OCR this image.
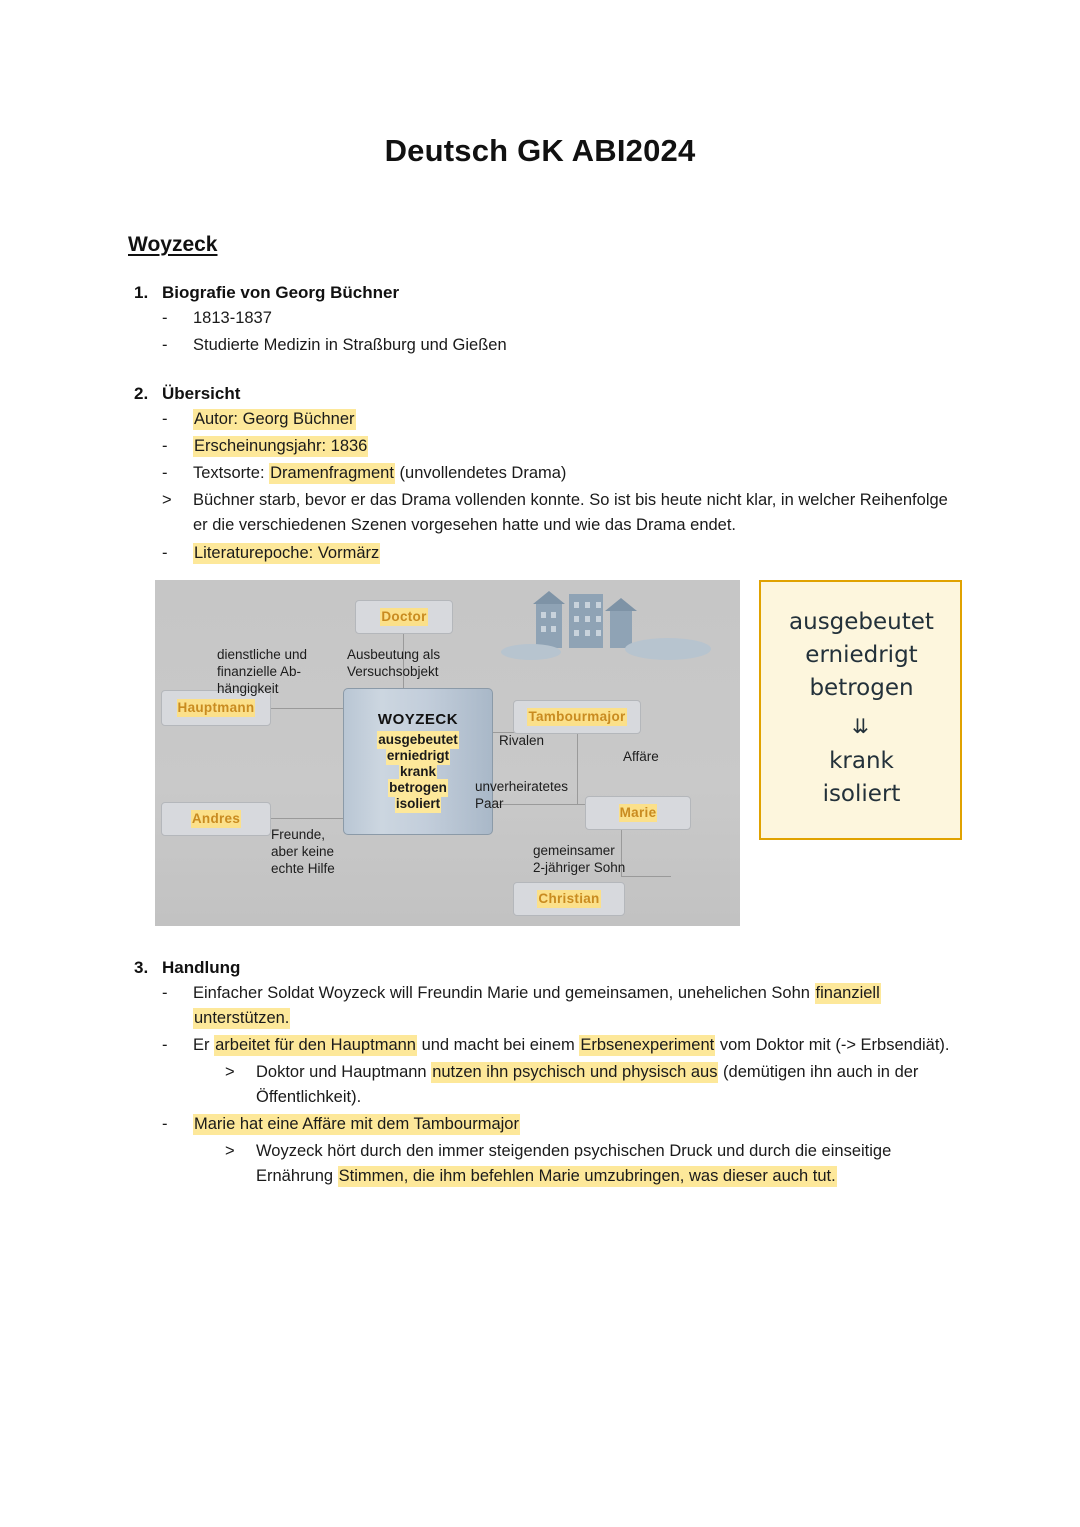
Deutsch GK ABI2024
Woyzeck
1. Biografie von Georg Büchner
- 1813-1837
- Studierte Medizin in Straßburg und Gießen
2. Übersicht
- Autor: Georg Büchner
- Erscheinungsjahr: 1836
- Textsorte: Dramenfragment (unvollendetes Drama)
> Büchner starb, bevor er das Drama vollenden konnte. So ist bis heute nicht klar, in welcher Reihenfolge er die verschiedenen Szenen vorgesehen hatte und wie das Drama endet.
- Literaturepoche: Vormärz
Doctor
Hauptmann
Tambourmajor
Andres	Marie
Christian
WOYZECK
ausgebeutet
erniedrigt
krank
betrogen
isoliert
dienstliche und finanzielle Ab-
hängigkeit
Ausbeutung als
Versuchsobjekt
Rivalen
Affäre
unverheiratetes
Paar
Freunde,
aber keine
echte Hilfe
gemeinsamer
2-jähriger Sohn
ausgebeutet
erniedrigt
betrogen
⇊
krank
isoliert
3. Handlung
- Einfacher Soldat Woyzeck will Freundin Marie und gemeinsamen, unehelichen Sohn finanziell unterstützen.
- Er arbeitet für den Hauptmann und macht bei einem Erbsenexperiment vom Doktor mit (-> Erbsendiät).
> Doktor und Hauptmann nutzen ihn psychisch und physisch aus (demütigen ihn auch in der Öffentlichkeit).
- Marie hat eine Affäre mit dem Tambourmajor
> Woyzeck hört durch den immer steigenden psychischen Druck und durch die einseitige Ernährung Stimmen, die ihm befehlen Marie umzubringen, was dieser auch tut.
